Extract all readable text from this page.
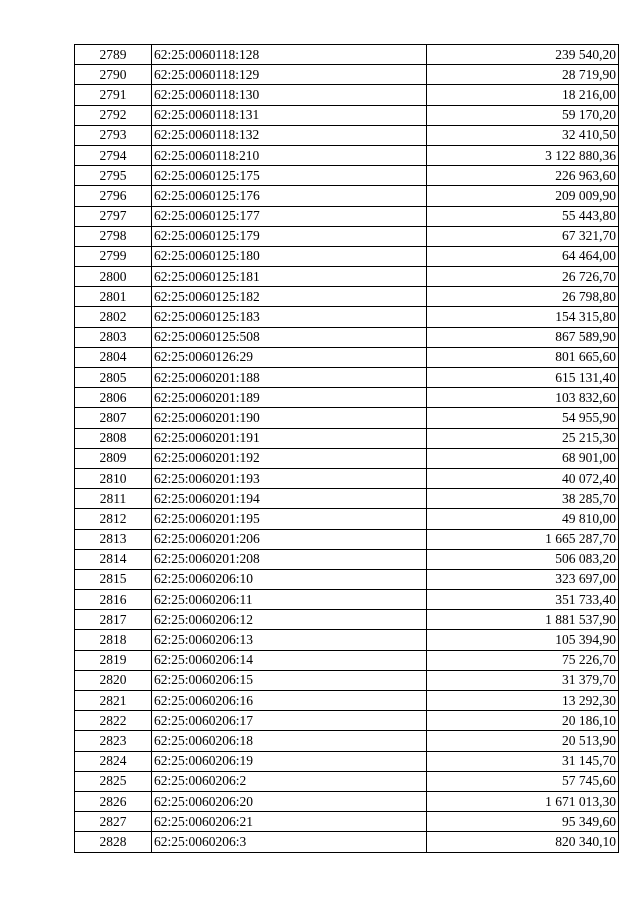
2789	62:25:0060118:128	239 540,20
2790	62:25:0060118:129	28 719,90
2791	62:25:0060118:130	18 216,00
2792	62:25:0060118:131	59 170,20
2793	62:25:0060118:132	32 410,50
2794	62:25:0060118:210	3 122 880,36
2795	62:25:0060125:175	226 963,60
2796	62:25:0060125:176	209 009,90
2797	62:25:0060125:177	55 443,80
2798	62:25:0060125:179	67 321,70
2799	62:25:0060125:180	64 464,00
2800	62:25:0060125:181	26 726,70
2801	62:25:0060125:182	26 798,80
2802	62:25:0060125:183	154 315,80
2803	62:25:0060125:508	867 589,90
2804	62:25:0060126:29	801 665,60
2805	62:25:0060201:188	615 131,40
2806	62:25:0060201:189	103 832,60
2807	62:25:0060201:190	54 955,90
2808	62:25:0060201:191	25 215,30
2809	62:25:0060201:192	68 901,00
2810	62:25:0060201:193	40 072,40
2811	62:25:0060201:194	38 285,70
2812	62:25:0060201:195	49 810,00
2813	62:25:0060201:206	1 665 287,70
2814	62:25:0060201:208	506 083,20
2815	62:25:0060206:10	323 697,00
2816	62:25:0060206:11	351 733,40
2817	62:25:0060206:12	1 881 537,90
2818	62:25:0060206:13	105 394,90
2819	62:25:0060206:14	75 226,70
2820	62:25:0060206:15	31 379,70
2821	62:25:0060206:16	13 292,30
2822	62:25:0060206:17	20 186,10
2823	62:25:0060206:18	20 513,90
2824	62:25:0060206:19	31 145,70
2825	62:25:0060206:2	57 745,60
2826	62:25:0060206:20	1 671 013,30
2827	62:25:0060206:21	95 349,60
2828	62:25:0060206:3	820 340,10
